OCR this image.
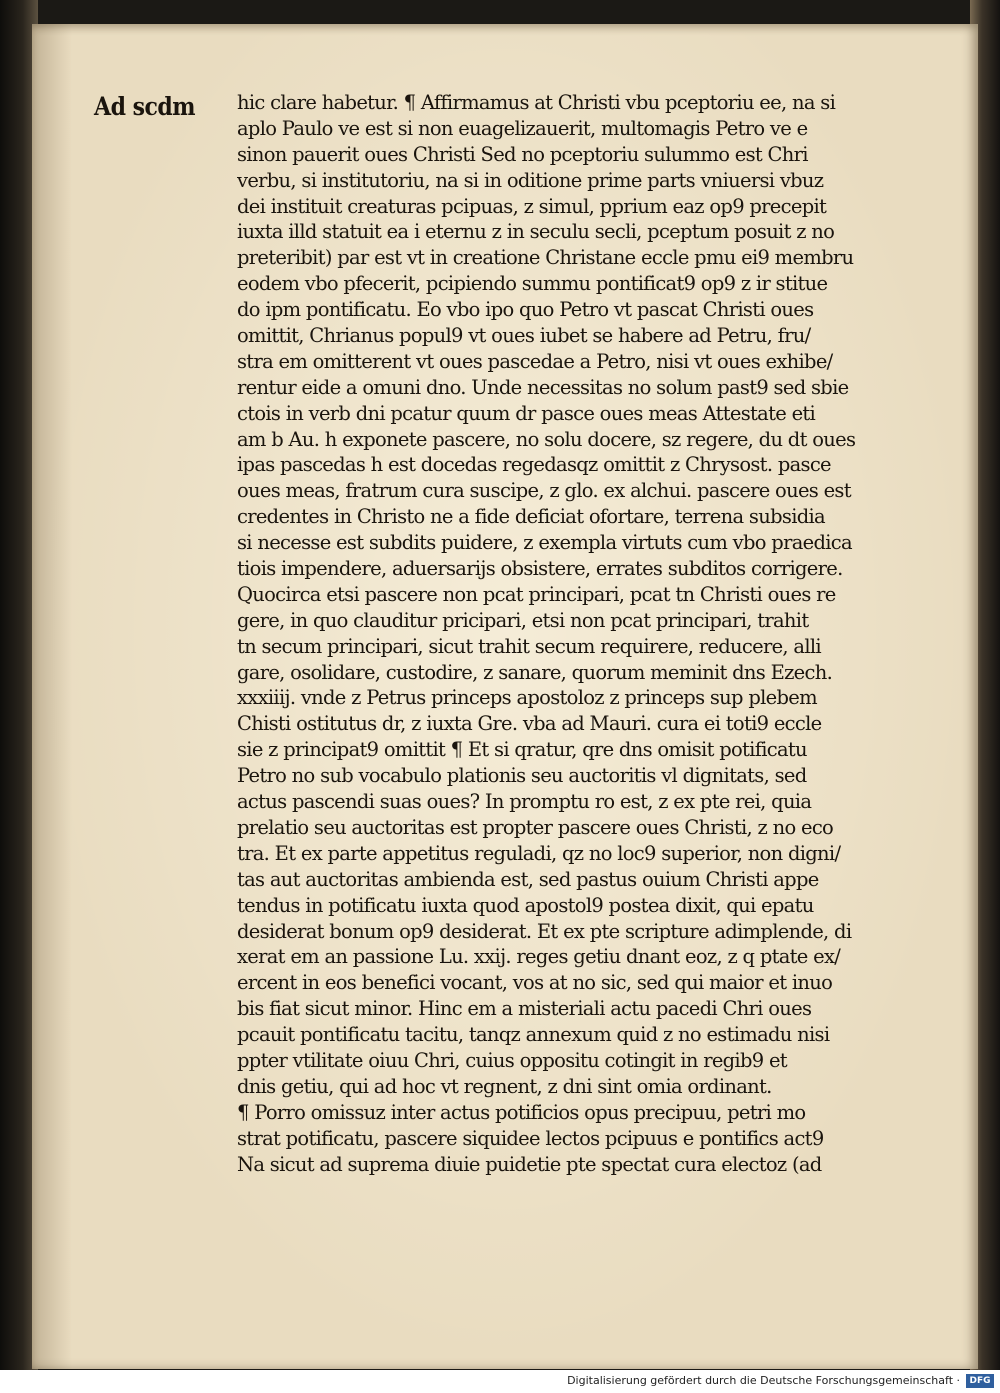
Ad scdm hic clare habetur. ¶ Affirmamus at Christi vbu pceptoriu ee, na si
aplo Paulo ve est si non euagelizauerit, multomagis Petro ve e
sinon pauerit oues Christi Sed no pceptoriu sulummo est Chri
verbu, si institutoriu, na si in oditione prime parts vniuersi vbuz
dei instituit creaturas pcipuas, z simul, pprium eaz op9 precepit
iuxta illd statuit ea i eternu z in seculu secli, pceptum posuit z no
preteribit) par est vt in creatione Christane eccle pmu ei9 membru
eodem vbo pfecerit, pcipiendo summu pontificat9 op9 z ir stitue
do ipm pontificatu. Eo vbo ipo quo Petro vt pascat Christi oues
omittit, Chrianus popul9 vt oues iubet se habere ad Petru, fru/
stra em omitterent vt oues pascedae a Petro, nisi vt oues exhibe/
rentur eide a omuni dno. Unde necessitas no solum past9 sed sbie
ctois in verb dni pcatur quum dr pasce oues meas Attestate eti
am b Au. h exponete pascere, no solu docere, sz regere, du dt oues
ipas pascedas h est docedas regedasqz omittit z Chrysost. pasce
oues meas, fratrum cura suscipe, z glo. ex alchui. pascere oues est
credentes in Christo ne a fide deficiat ofortare, terrena subsidia
si necesse est subdits puidere, z exempla virtuts cum vbo praedica
tiois impendere, aduersarijs obsistere, errates subditos corrigere.
Quocirca etsi pascere non pcat principari, pcat tn Christi oues re
gere, in quo clauditur pricipari, etsi non pcat principari, trahit
tn secum principari, sicut trahit secum requirere, reducere, alli
gare, osolidare, custodire, z sanare, quorum meminit dns Ezech.
xxxiiij. vnde z Petrus princeps apostoloz z princeps sup plebem
Chisti ostitutus dr, z iuxta Gre. vba ad Mauri. cura ei toti9 eccle
sie z principat9 omittit ¶ Et si qratur, qre dns omisit potificatu
Petro no sub vocabulo plationis seu auctoritis vl dignitats, sed
actus pascendi suas oues? In promptu ro est, z ex pte rei, quia
prelatio seu auctoritas est propter pascere oues Christi, z no eco
tra. Et ex parte appetitus reguladi, qz no loc9 superior, non digni/
tas aut auctoritas ambienda est, sed pastus ouium Christi appe
tendus in potificatu iuxta quod apostol9 postea dixit, qui epatu
desiderat bonum op9 desiderat. Et ex pte scripture adimplende, di
xerat em an passione Lu. xxij. reges getiu dnant eoz, z q ptate ex/
ercent in eos benefici vocant, vos at no sic, sed qui maior et inuo
bis fiat sicut minor. Hinc em a misteriali actu pacedi Chri oues
pcauit pontificatu tacitu, tanqz annexum quid z no estimadu nisi
ppter vtilitate oiuu Chri, cuius oppositu cotingit in regib9 et
dnis getiu, qui ad hoc vt regnent, z dni sint omia ordinant.
¶ Porro omissuz inter actus potificios opus precipuu, petri mo
strat potificatu, pascere siquidee lectos pcipuus e pontifics act9
Na sicut ad suprema diuie puidetie pte spectat cura electoz (ad
Digitalisierung gefördert durch die Deutsche Forschungsgemeinschaft ·	DFG
